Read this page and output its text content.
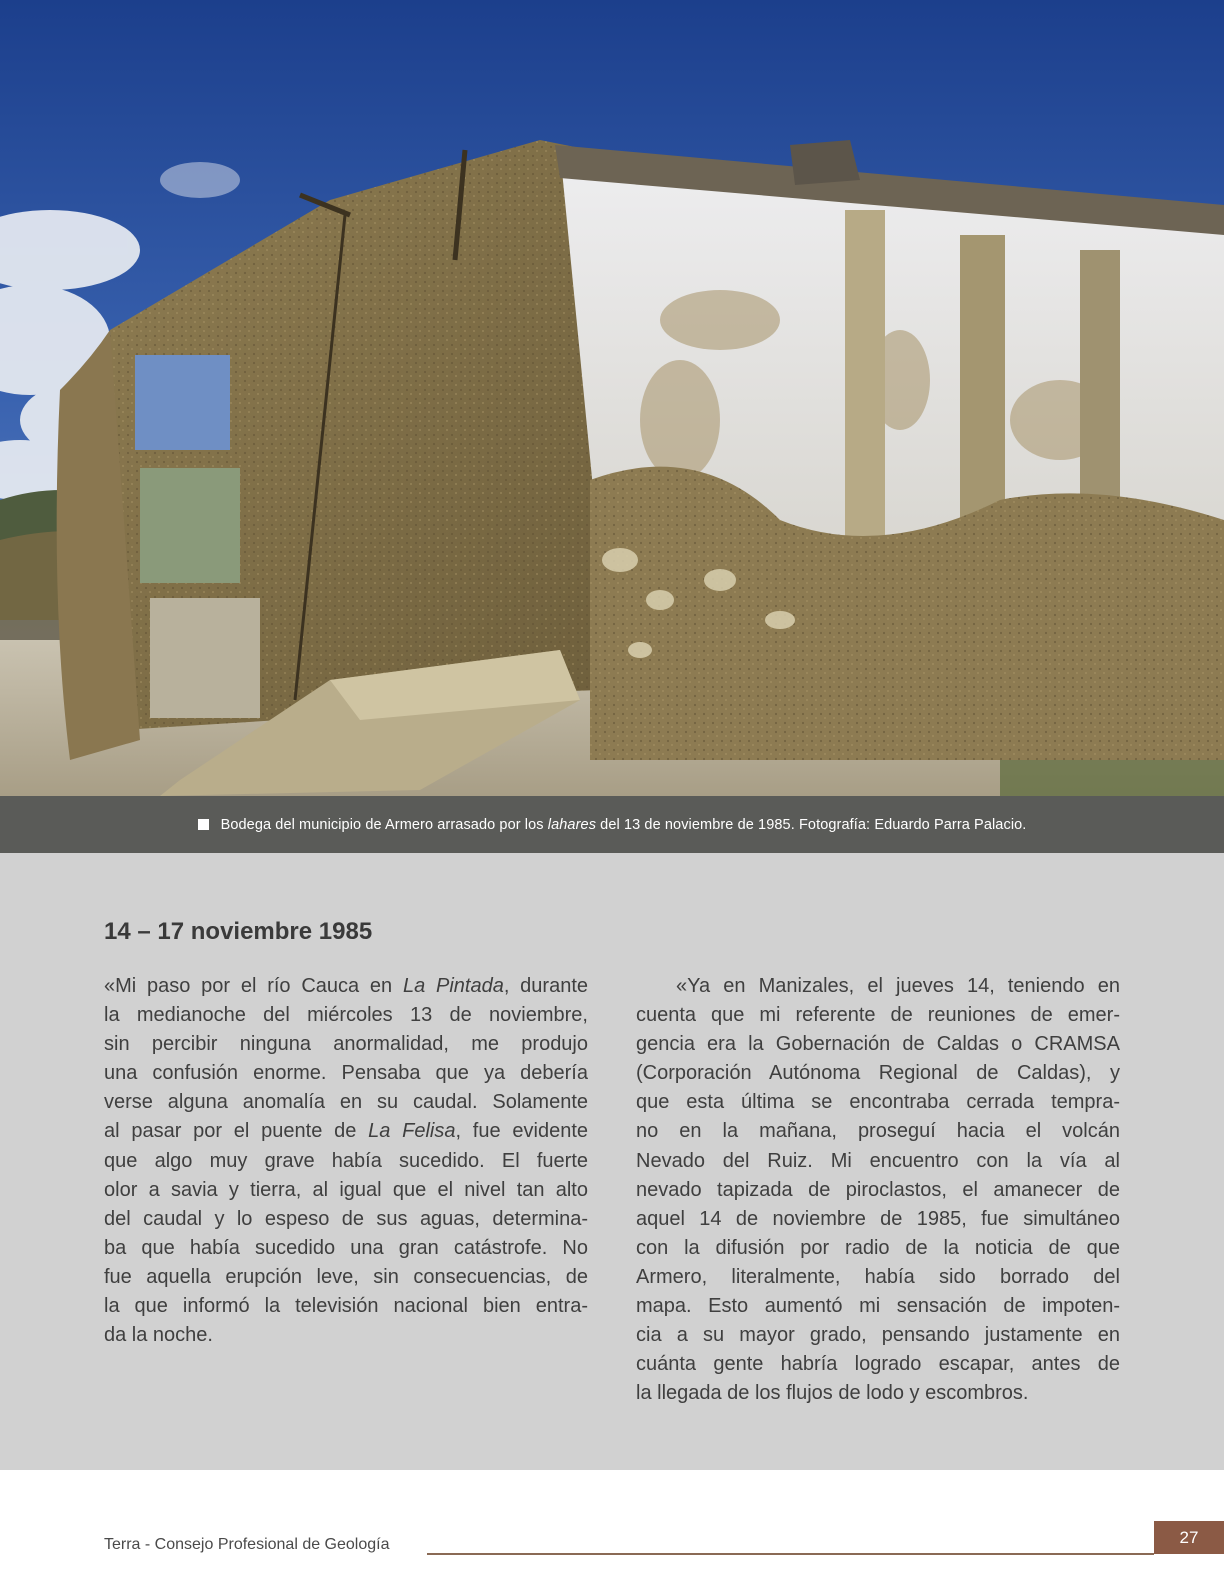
Bodega del municipio de Armero arrasado por los lahares del 13 de noviembre de 1985. Fotografía: Eduardo Parra Palacio.
14 – 17 noviembre 1985
«Mi paso por el río Cauca en La Pintada, durante
la medianoche del miércoles 13 de noviembre,
sin percibir ninguna anormalidad, me produjo
una confusión enorme. Pensaba que ya debería
verse alguna anomalía en su caudal. Solamente
al pasar por el puente de La Felisa, fue evidente
que algo muy grave había sucedido. El fuerte
olor a savia y tierra, al igual que el nivel tan alto
del caudal y lo espeso de sus aguas, determina-
ba que había sucedido una gran catástrofe. No
fue aquella erupción leve, sin consecuencias, de
la que informó la televisión nacional bien entra-
da la noche.
«Ya en Manizales, el jueves 14, teniendo en
cuenta que mi referente de reuniones de emer-
gencia era la Gobernación de Caldas o CRAMSA
(Corporación Autónoma Regional de Caldas), y
que esta última se encontraba cerrada tempra-
no en la mañana, proseguí hacia el volcán
Nevado del Ruiz. Mi encuentro con la vía al
nevado tapizada de piroclastos, el amanecer de
aquel 14 de noviembre de 1985, fue simultáneo
con la difusión por radio de la noticia de que
Armero, literalmente, había sido borrado del
mapa. Esto aumentó mi sensación de impoten-
cia a su mayor grado, pensando justamente en
cuánta gente habría logrado escapar, antes de
la llegada de los flujos de lodo y escombros.
Terra - Consejo Profesional de Geología	27
